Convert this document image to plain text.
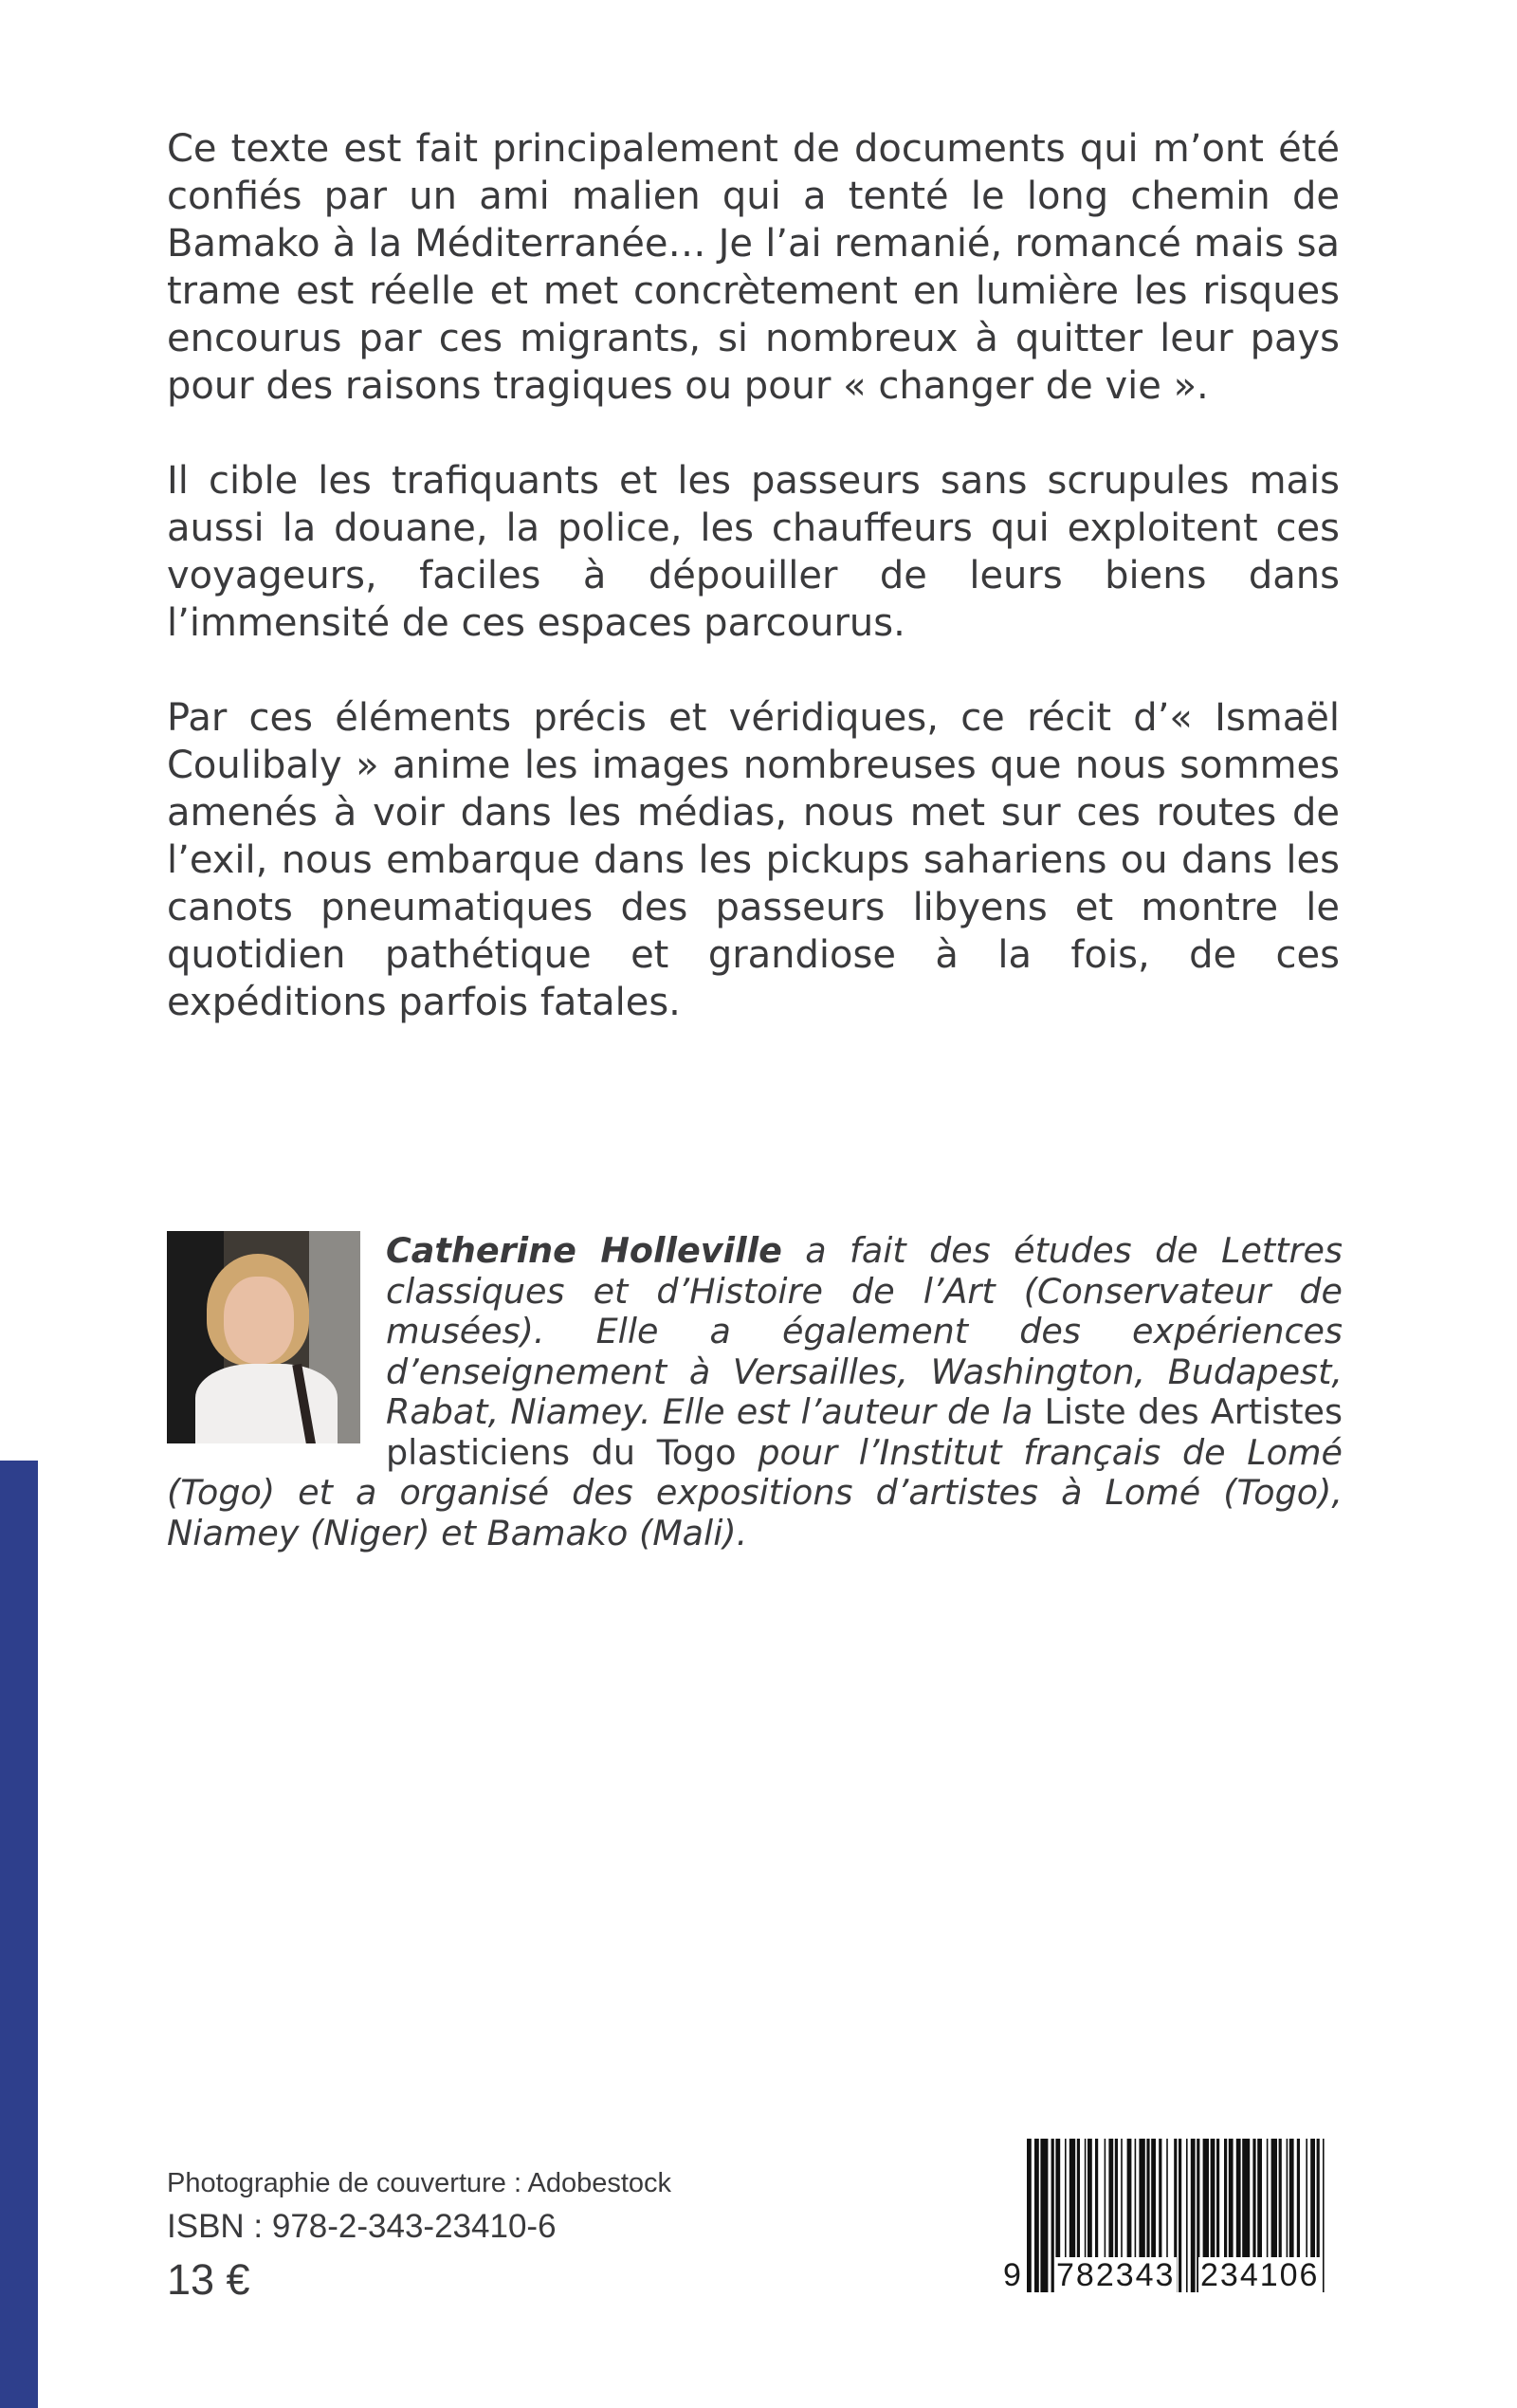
Ce texte est fait principalement de documents qui m’ont été confiés par un ami malien qui a tenté le long chemin de Bamako à la Méditerranée… Je l’ai remanié, romancé mais sa trame est réelle et met concrètement en lumière les risques encourus par ces migrants, si nombreux à quitter leur pays pour des raisons tragiques ou pour « changer de vie ».

Il cible les trafiquants et les passeurs sans scrupules mais aussi la douane, la police, les chauffeurs qui exploitent ces voyageurs, faciles à dépouiller de leurs biens dans l’immensité de ces espaces parcourus.

Par ces éléments précis et véridiques, ce récit d’« Ismaël Coulibaly » anime les images nombreuses que nous sommes amenés à voir dans les médias, nous met sur ces routes de l’exil, nous embarque dans les pickups sahariens ou dans les canots pneumatiques des passeurs libyens et montre le quotidien pathétique et grandiose à la fois, de ces expéditions parfois fatales.

Catherine Holleville a fait des études de Lettres classiques et d’Histoire de l’Art (Conservateur de musées). Elle a également des expériences d’enseignement à Versailles, Washington, Budapest, Rabat, Niamey. Elle est l’auteur de la Liste des Artistes plasticiens du Togo pour l’Institut français de Lomé (Togo) et a organisé des expositions d’artistes à Lomé (Togo), Niamey (Niger) et Bamako (Mali).

Photographie de couverture : Adobestock
ISBN : 978-2-343-23410-6
13 €	9 782343 234106
